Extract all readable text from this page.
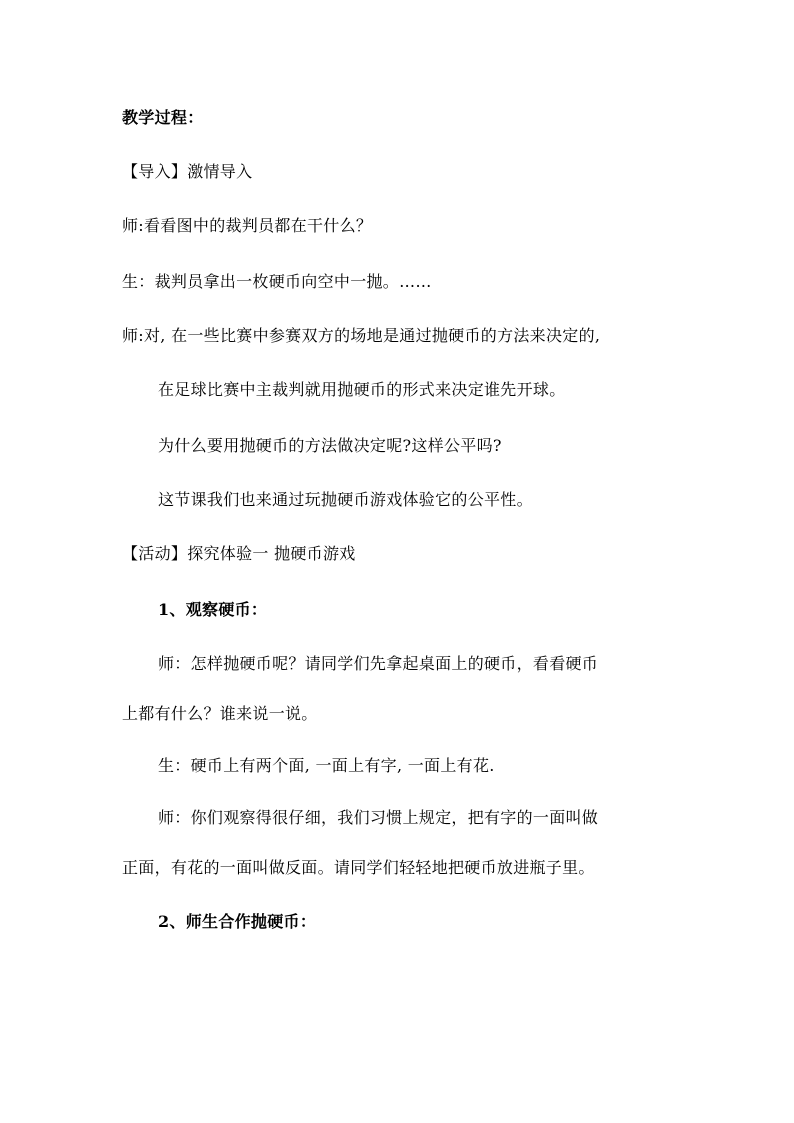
教学过程：
【导入】激情导入
师:看看图中的裁判员都在干什么？
生：裁判员拿出一枚硬币向空中一抛。……
师:对, 在一些比赛中参赛双方的场地是通过抛硬币的方法来决定的,
在足球比赛中主裁判就用抛硬币的形式来决定谁先开球。
为什么要用抛硬币的方法做决定呢?这样公平吗?
这节课我们也来通过玩抛硬币游戏体验它的公平性。
【活动】探究体验一 抛硬币游戏
1、观察硬币：
师：怎样抛硬币呢？请同学们先拿起桌面上的硬币，看看硬币
上都有什么？谁来说一说。
生：硬币上有两个面, 一面上有字, 一面上有花.
师：你们观察得很仔细，我们习惯上规定，把有字的一面叫做
正面，有花的一面叫做反面。请同学们轻轻地把硬币放进瓶子里。
2、师生合作抛硬币：
